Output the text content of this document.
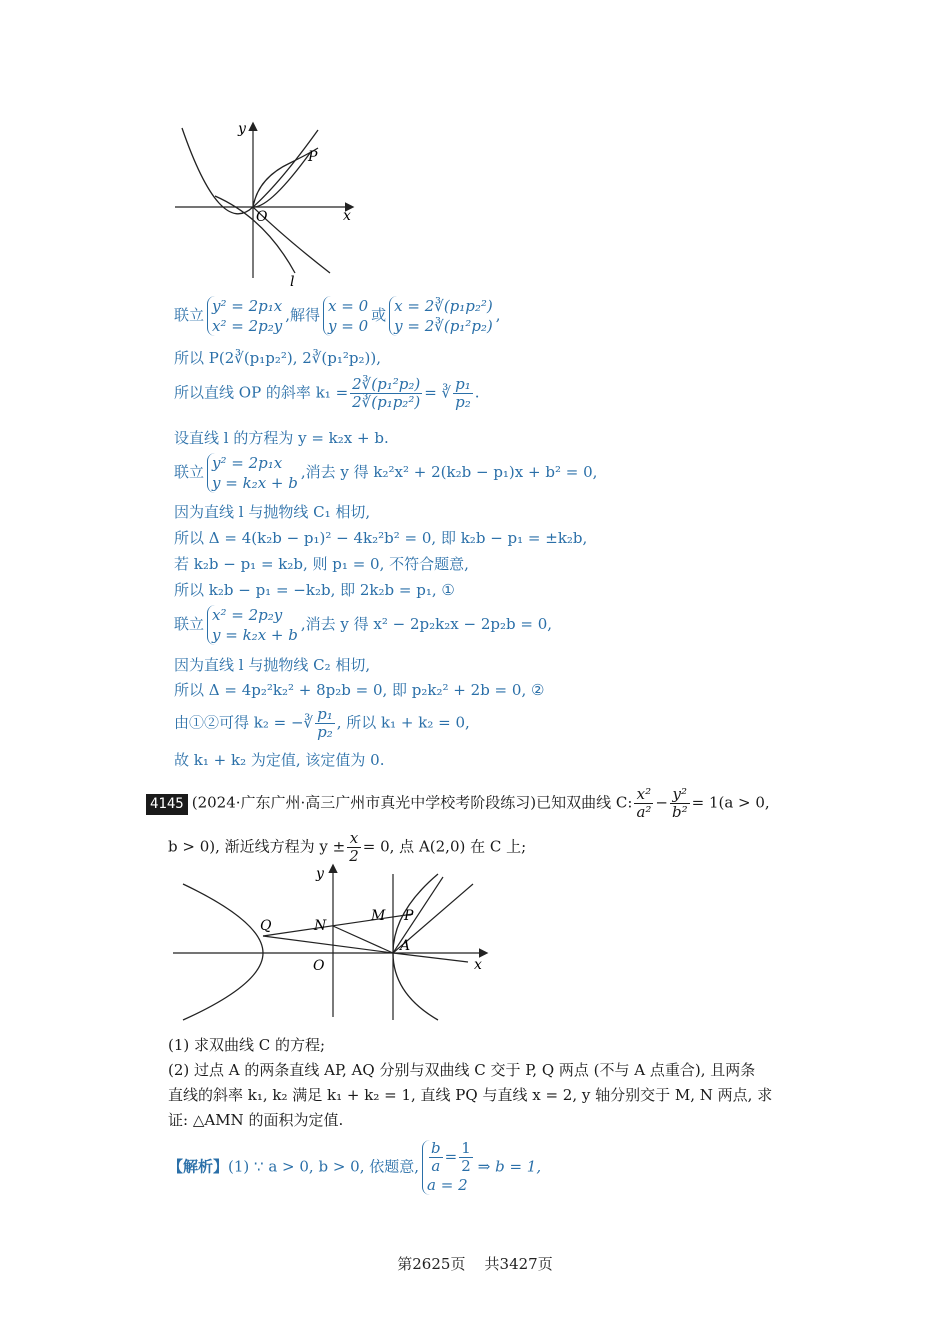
y
x
O
P
l
联立 y² = 2p₁x
x² = 2p₂y
,解得 x = 0
y = 0
或 x = 2∛(p₁p₂²)
y = 2∛(p₁²p₂)
,
所以 P(2∛(p₁p₂²), 2∛(p₁²p₂)),
所以直线 OP 的斜率 $k_1 = \frac{\text{2∛(p₁²p₂)}}{\text{2∛(p₁p₂²)}}$ = ∛ $\frac{\text{p₁}}{\text{p₂}}$ .
设直线 l 的方程为 y = k₂x + b.
联立 y² = 2p₁x
y = k₂x + b
,消去 y 得 k₂²x² + 2(k₂b − p₁)x + b² = 0,
因为直线 l 与抛物线 C₁ 相切,
所以 Δ = 4(k₂b − p₁)² − 4k₂²b² = 0, 即 k₂b − p₁ = ±k₂b,
若 k₂b − p₁ = k₂b, 则 p₁ = 0, 不符合题意,
所以 k₂b − p₁ = −k₂b, 即 2k₂b = p₁, ①
联立 x² = 2p₂y
y = k₂x + b
,消去 y 得 x² − 2p₂k₂x − 2p₂b = 0,
因为直线 l 与抛物线 C₂ 相切,
所以 Δ = 4p₂²k₂² + 8p₂b = 0, 即 p₂k₂² + 2b = 0, ②
由①②可得 k₂ = −∛ $\frac{\text{p₁}}{\text{p₂}}$ , 所以 k₁ + k₂ = 0,
故 k₁ + k₂ 为定值, 该定值为 0.
4145 (2024·广东广州·高三广州市真光中学校考阶段练习)已知双曲线 C: $\frac{\text{x²}}{\text{a²}} - \frac{\text{y²}}{\text{b²}} = 1(a > 0$,
b > 0), 渐近线方程为 $y \pm \frac{x}{2} = 0$, 点 A(2,0) 在 C 上;
y
x
O
Q	N
M P
A
(1) 求双曲线 C 的方程;
(2) 过点 A 的两条直线 AP, AQ 分别与双曲线 C 交于 P, Q 两点 (不与 A 点重合), 且两条
直线的斜率 k₁, k₂ 满足 k₁ + k₂ = 1, 直线 PQ 与直线 x = 2, y 轴分别交于 M, N 两点, 求
证: △AMN 的面积为定值.
【解析】(1) ∵ a > 0, b > 0, 依题意, $\frac{b}{a} = \frac{1}{2}$
a = 2
⇒ b = 1,
第2625页 共3427页
